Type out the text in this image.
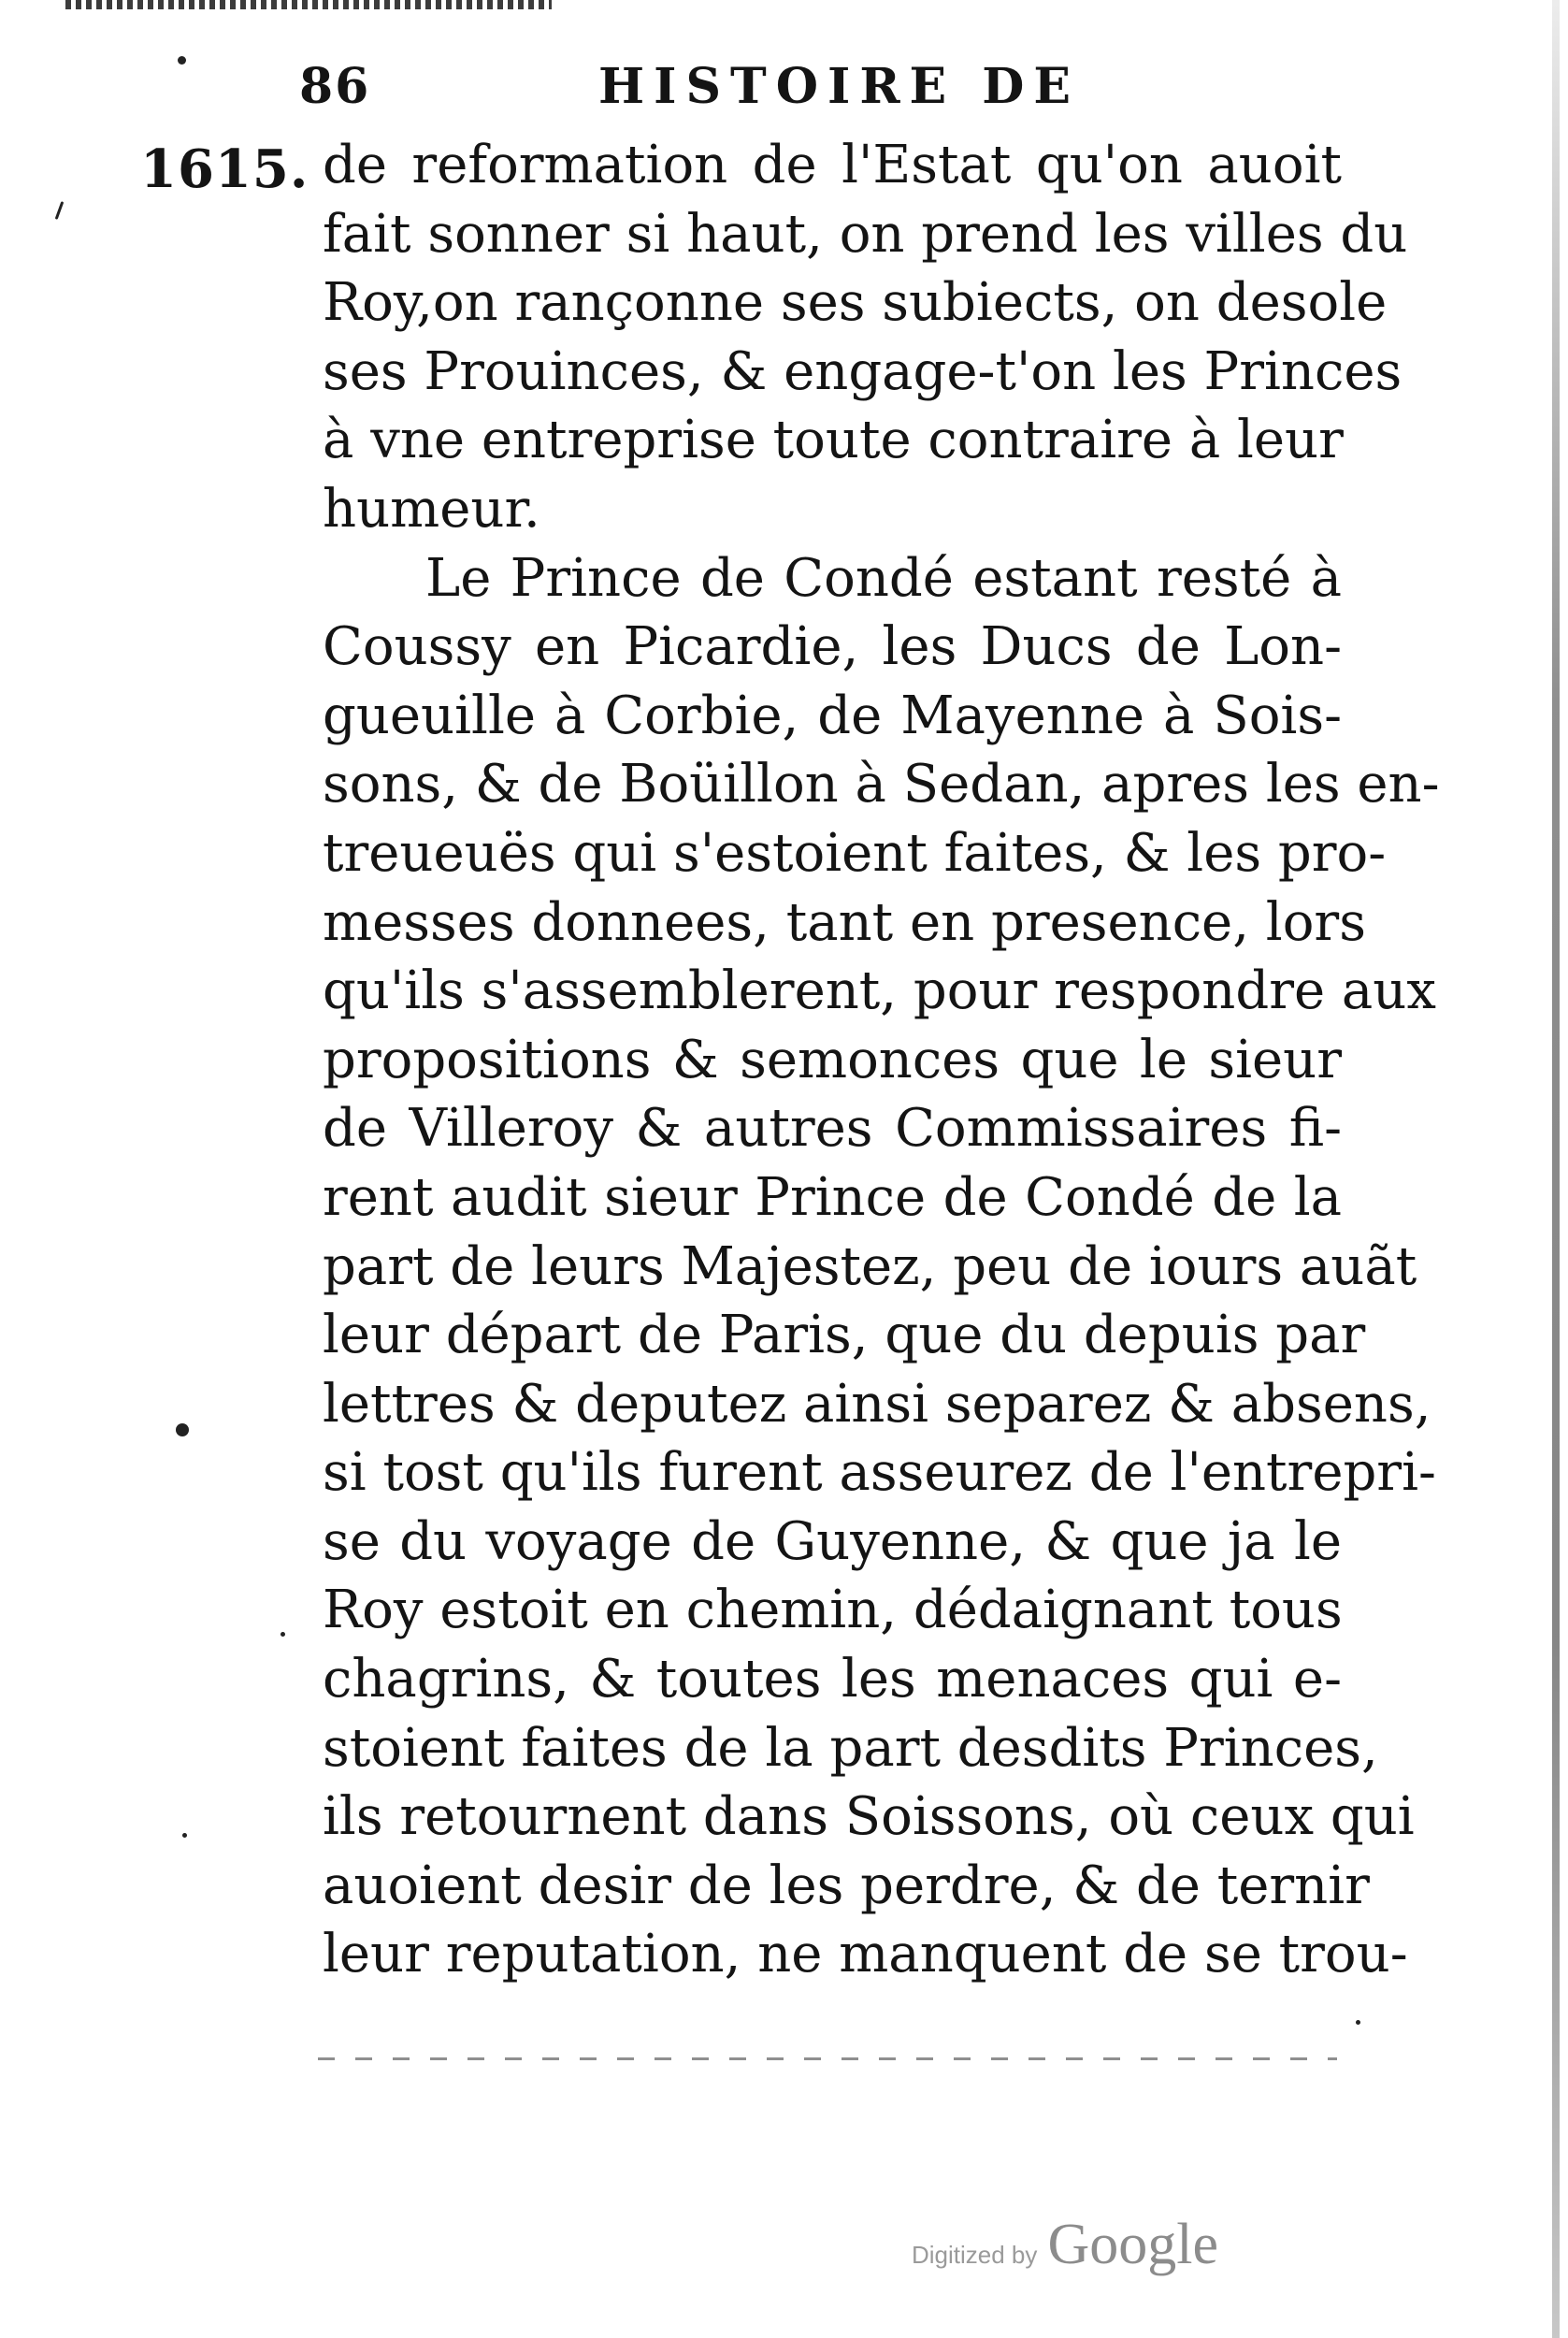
86	HISTOIRE DE
1615. de reformation de l'Estat qu'on auoit
fait sonner si haut, on prend les villes du
Roy,on rançonne ses subiects, on desole
ses Prouinces, & engage-t'on les Princes
à vne entreprise toute contraire à leur
humeur.
Le Prince de Condé estant resté à
Coussy en Picardie, les Ducs de Lon-
gueuille à Corbie, de Mayenne à Sois-
sons, & de Boüillon à Sedan, apres les en-
treueuës qui s'estoient faites, & les pro-
messes donnees, tant en presence, lors
qu'ils s'assemblerent, pour respondre aux
propositions & semonces que le sieur
de Villeroy & autres Commissaires fi-
rent audit sieur Prince de Condé de la
part de leurs Majestez, peu de iours auãt
leur départ de Paris, que du depuis par
lettres & deputez ainsi separez & absens,
si tost qu'ils furent asseurez de l'entrepri-
se du voyage de Guyenne, & que ja le
Roy estoit en chemin, dédaignant tous
chagrins, & toutes les menaces qui e-
stoient faites de la part desdits Princes,
ils retournent dans Soissons, où ceux qui
auoient desir de les perdre, & de ternir
leur reputation, ne manquent de se trou-
Digitized by Google
